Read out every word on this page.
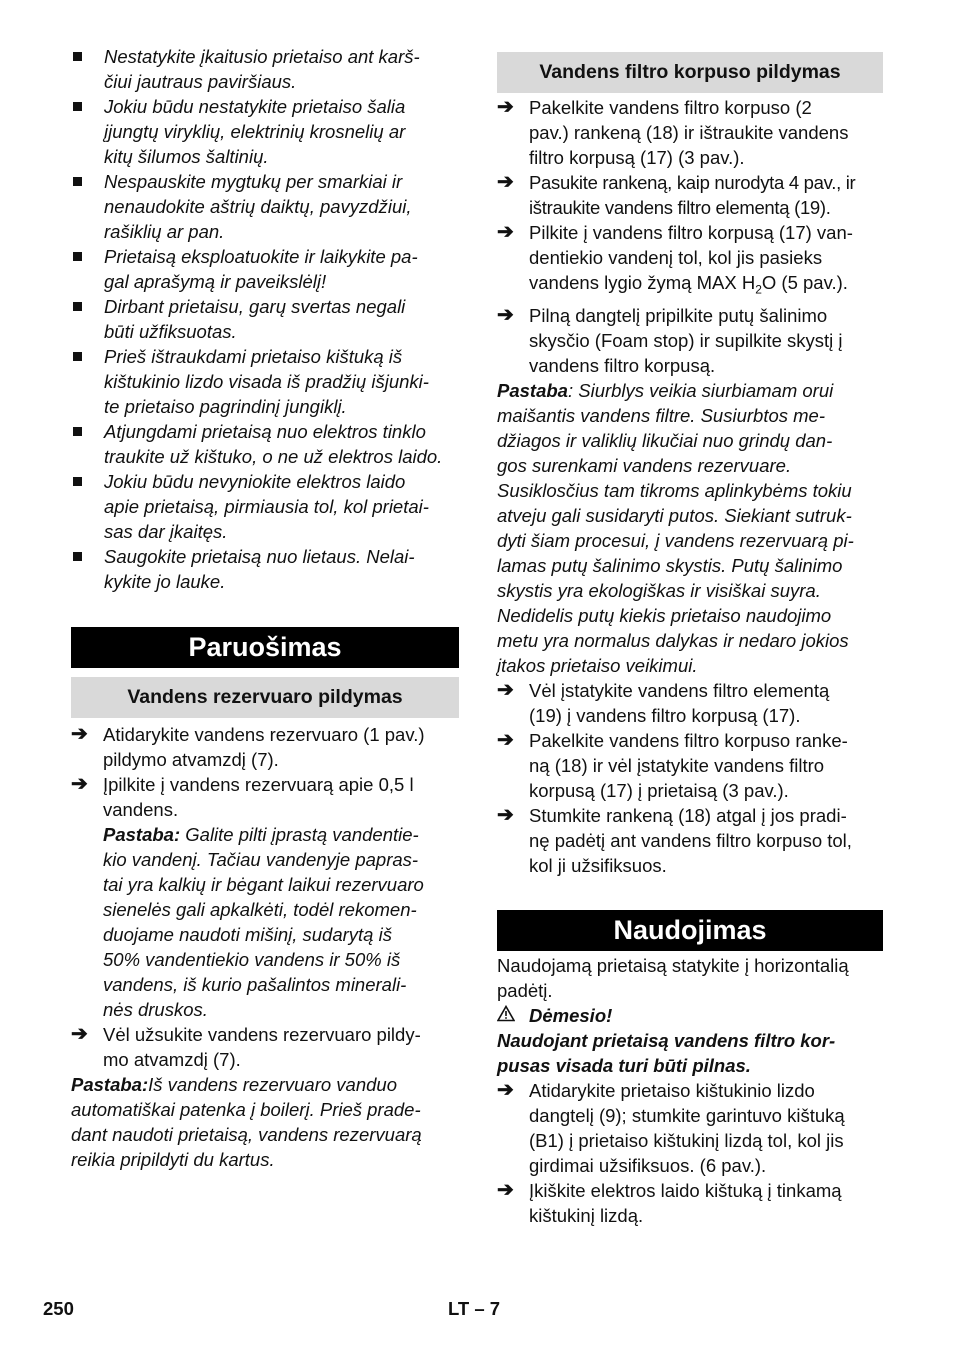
Nestatykite įkaitusio prietaiso ant karš-
čiui jautraus paviršiaus.
Jokiu būdu nestatykite prietaiso šalia
įjungtų viryklių, elektrinių krosnelių ar
kitų šilumos šaltinių.
Nespauskite mygtukų per smarkiai ir
nenaudokite aštrių daiktų, pavyzdžiui,
rašiklių ar pan.
Prietaisą eksploatuokite ir laikykite pa-
gal aprašymą ir paveikslėlį!
Dirbant prietaisu, garų svertas negali
būti užfiksuotas.
Prieš ištraukdami prietaiso kištuką iš
kištukinio lizdo visada iš pradžių išjunki-
te prietaiso pagrindinį jungiklį.
Atjungdami prietaisą nuo elektros tinklo
traukite už kištuko, o ne už elektros laido.
Jokiu būdu nevyniokite elektros laido
apie prietaisą, pirmiausia tol, kol prietai-
sas dar įkaitęs.
Saugokite prietaisą nuo lietaus. Nelai-
kykite jo lauke.
Paruošimas
Vandens rezervuaro pildymas
➔ Atidarykite vandens rezervuaro (1 pav.)
pildymo atvamzdį (7).
➔ Įpilkite į vandens rezervuarą apie 0,5 l
vandens.
Pastaba: Galite pilti įprastą vandentie-
kio vandenį. Tačiau vandenyje papras-
tai yra kalkių ir bėgant laikui rezervuaro
sienelės gali apkalkėti, todėl rekomen-
duojame naudoti mišinį, sudarytą iš
50% vandentiekio vandens ir 50% iš
vandens, iš kurio pašalintos minerali-
nės druskos.
➔ Vėl užsukite vandens rezervuaro pildy-
mo atvamzdį (7).
Pastaba:Iš vandens rezervuaro vanduo
automatiškai patenka į boilerį. Prieš prade-
dant naudoti prietaisą, vandens rezervuarą
reikia pripildyti du kartus.
Vandens filtro korpuso pildymas
➔ Pakelkite vandens filtro korpuso (2
pav.) rankeną (18) ir ištraukite vandens
filtro korpusą (17) (3 pav.).
➔ Pasukite rankeną, kaip nurodyta 4 pav., ir
ištraukite vandens filtro elementą (19).
➔ Pilkite į vandens filtro korpusą (17) van-
dentiekio vandenį tol, kol jis pasieks
vandens lygio žymą MAX $H_2O$ (5 pav.).
➔ Pilną dangtelį pripilkite putų šalinimo
skysčio (Foam stop) ir supilkite skystį į
vandens filtro korpusą.
Pastaba: Siurblys veikia siurbiamam orui
maišantis vandens filtre. Susiurbtos me-
džiagos ir valiklių likučiai nuo grindų dan-
gos surenkami vandens rezervuare.
Susiklosčius tam tikroms aplinkybėms tokiu
atveju gali susidaryti putos. Siekiant sutruk-
dyti šiam procesui, į vandens rezervuarą pi-
lamas putų šalinimo skystis. Putų šalinimo
skystis yra ekologiškas ir visiškai suyra.
Nedidelis putų kiekis prietaiso naudojimo
metu yra normalus dalykas ir nedaro jokios
įtakos prietaiso veikimui.
➔ Vėl įstatykite vandens filtro elementą
(19) į vandens filtro korpusą (17).
➔ Pakelkite vandens filtro korpuso ranke-
ną (18) ir vėl įstatykite vandens filtro
korpusą (17) į prietaisą (3 pav.).
➔ Stumkite rankeną (18) atgal į jos pradi-
nę padėtį ant vandens filtro korpuso tol,
kol ji užsifiksuos.
Naudojimas
Naudojamą prietaisą statykite į horizontalią
padėtį.
Dėmesio!
Naudojant prietaisą vandens filtro kor-
pusas visada turi būti pilnas.
➔ Atidarykite prietaiso kištukinio lizdo
dangtelį (9); stumkite garintuvo kištuką
(B1) į prietaiso kištukinį lizdą tol, kol jis
girdimai užsifiksuos. (6 pav.).
➔ Įkiškite elektros laido kištuką į tinkamą
kištukinį lizdą.
250	LT – 7
